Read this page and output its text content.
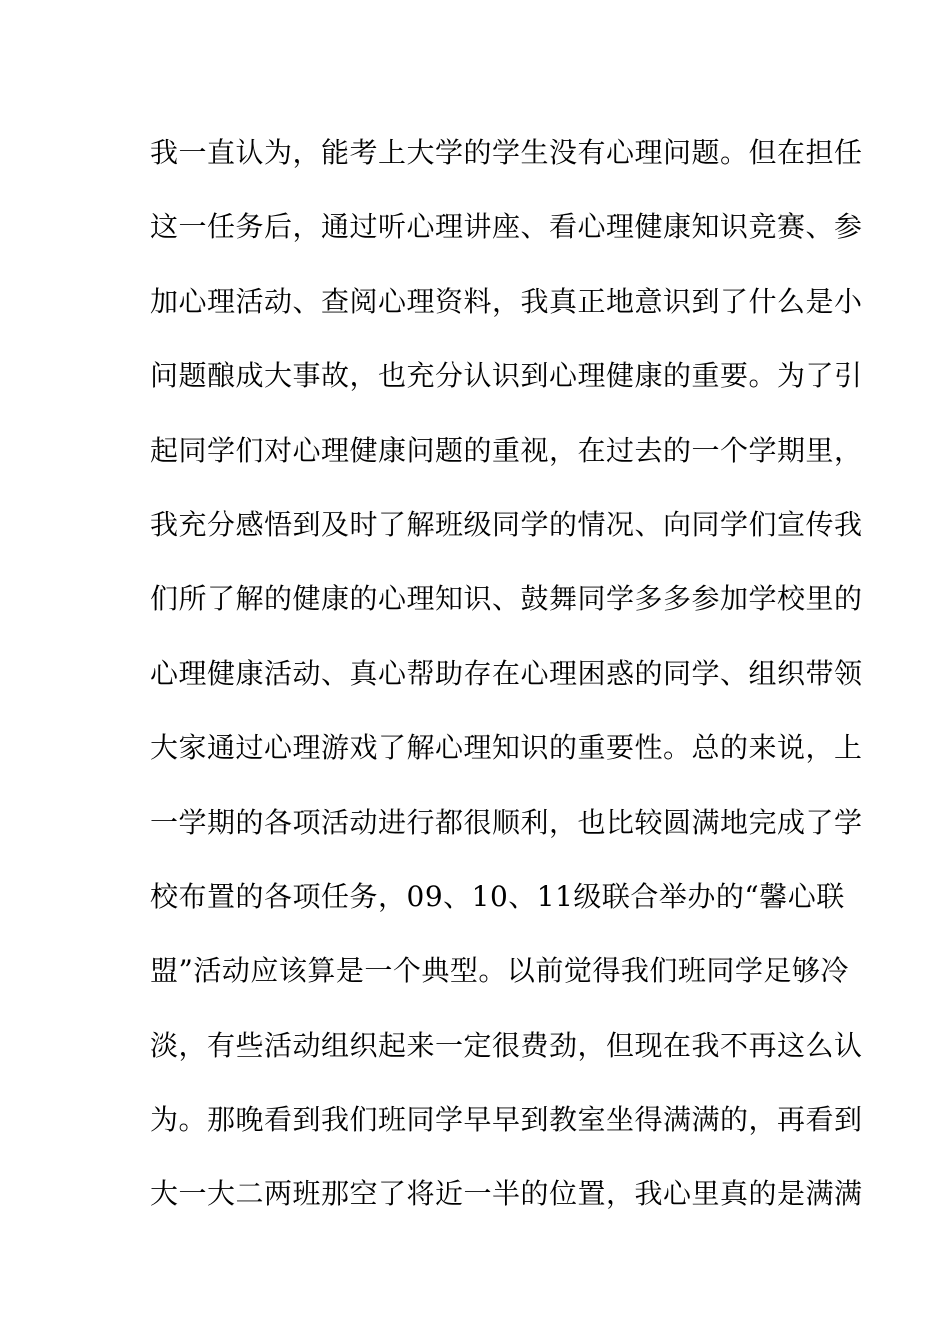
我一直认为，能考上大学的学生没有心理问题。但在担任
这一任务后，通过听心理讲座、看心理健康知识竞赛、参
加心理活动、查阅心理资料，我真正地意识到了什么是小
问题酿成大事故，也充分认识到心理健康的重要。为了引
起同学们对心理健康问题的重视，在过去的一个学期里，
我充分感悟到及时了解班级同学的情况、向同学们宣传我
们所了解的健康的心理知识、鼓舞同学多多参加学校里的
心理健康活动、真心帮助存在心理困惑的同学、组织带领
大家通过心理游戏了解心理知识的重要性。总的来说，上
一学期的各项活动进行都很顺利，也比较圆满地完成了学
校布置的各项任务，09、10、11级联合举办的“馨心联
盟”活动应该算是一个典型。以前觉得我们班同学足够冷
淡，有些活动组织起来一定很费劲，但现在我不再这么认
为。那晚看到我们班同学早早到教室坐得满满的，再看到
大一大二两班那空了将近一半的位置，我心里真的是满满
